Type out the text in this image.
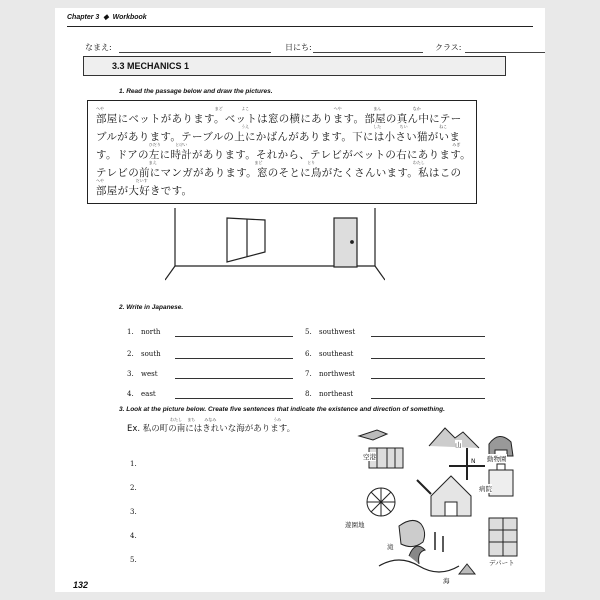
Chapter 3 ◆ Workbook
なまえ:	日にち:	クラス:
3.3 MECHANICS 1
1. Read the passage below and draw the pictures.
部屋にベットがあります。ベットは窓の横にあります。部屋の真ん中にテー
ブルがあります。テーブルの上にかばんがあります。下には小さい猫がいま
す。ドアの左に時計があります。それから、テレビがベットの右にあります。
テレビの前にマンガがあります。窓のそとに鳥がたくさんいます。私はこの
部屋が大好きです。
へや	まど	よこ	へや	まん	なか
うえ	した	ちい	ねこ
ひだり	とけい	みぎ
まえ	まど	とり	わたし
へや	だいす
2. Write in Japanese.
1. north
2. south
3. west
4. east
5. southwest
6. southeast
7. northwest
8. northeast
3. Look at the picture below. Create five sentences that indicate the existence and direction of something.
Ex. 私の町の南にはきれいな海があります。
わたし まち みなみ	うみ
1.
2.
3.
4.
5.
空港
山
動物園
N
病院
遊園地
滝
デパート
海
132
